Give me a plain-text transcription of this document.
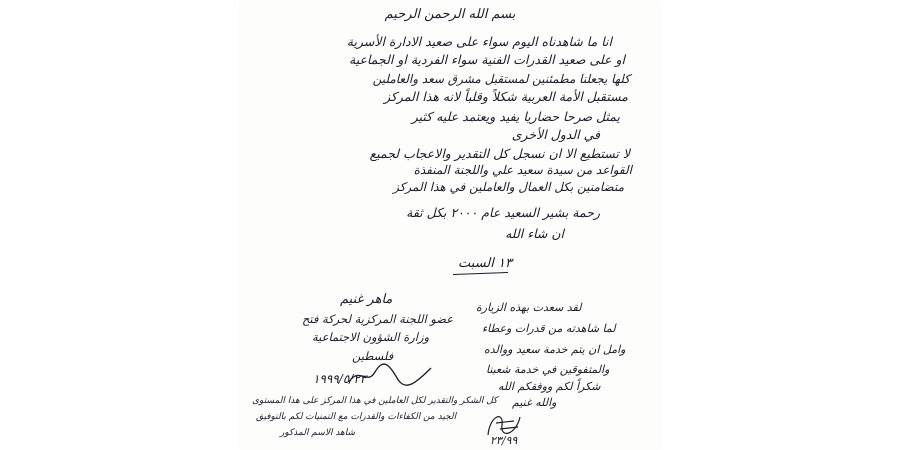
بسم الله الرحمن الرحيم
انا ما شاهدناه اليوم سواء على صعيد الادارة الأسرية
او على صعيد القدرات الفنية سواء الفردية او الجماعية
كلها يجعلنا مطمئنين لمستقبل مشرق سعد والعاملين
مستقبل الأمة العربية شكلاً وقلباً لانه هذا المركز
يمثل صرحا حضاريا يفيد ويعتمد عليه كثير
في الدول الأخرى
لا تستطيع الا ان نسجل كل التقدير والاعجاب لجميع
القواعد من سيدة سعيد علي واللجنة المنفذة
متضامنين بكل العمال والعاملين في هذا المركز
رحمة بشير السعيد عام ٢٠٠٠ بكل ثقة
ان شاء الله
١٣ السبت
ماهر غنيم
عضو اللجنة المركزية لحركة فتح
وزارة الشؤون الاجتماعية
فلسطين
١٩٩٩/٥/٢٣
كل الشكر والتقدير لكل العاملين في هذا المركز على هذا المستوى
الجيد من الكفاءات والقدرات مع التمنيات لكم بالتوفيق
شاهد الاسم المذكور
لقد سعدت بهذه الزيارة
لما شاهدته من قدرات وعطاء
وامل ان يتم خدمة سعيد ووالده
والمتفوقين في خدمة شعبنا
شكراً لكم ووفقكم الله
والله غنيم
٢٣/٩٩
